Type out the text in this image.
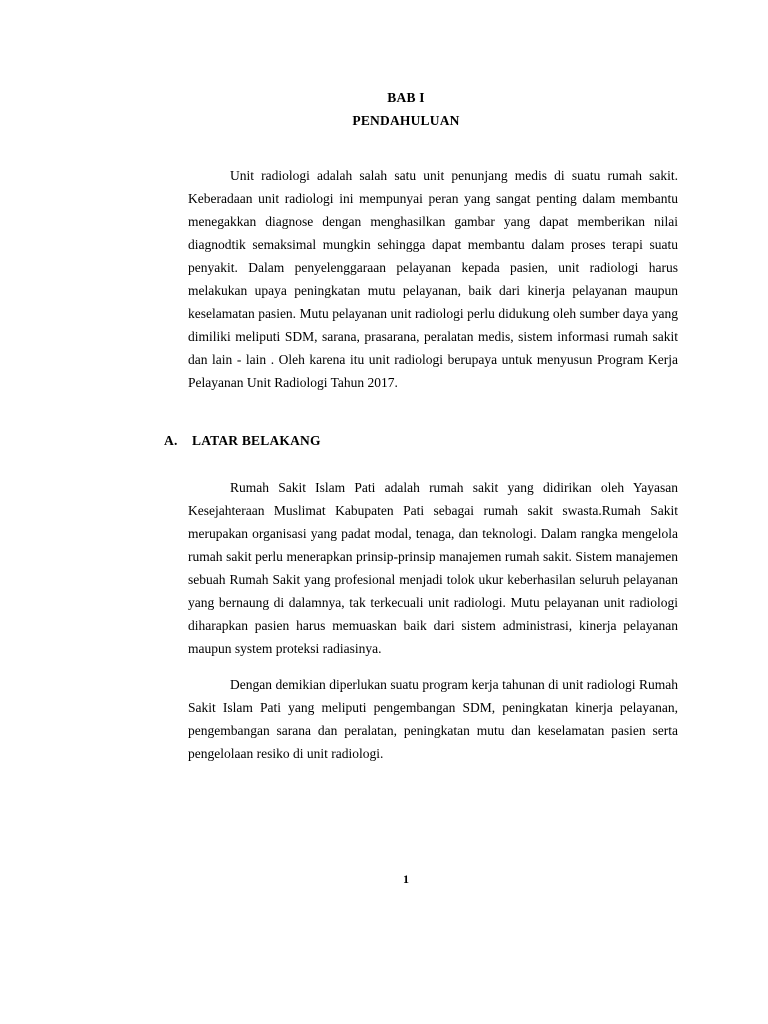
BAB I
PENDAHULUAN

Unit radiologi adalah salah satu unit penunjang medis di suatu rumah sakit. Keberadaan unit radiologi ini mempunyai peran yang sangat penting dalam membantu menegakkan diagnose dengan menghasilkan gambar yang dapat memberikan nilai diagnodtik semaksimal mungkin sehingga dapat membantu dalam proses terapi suatu penyakit. Dalam penyelenggaraan pelayanan kepada pasien, unit radiologi harus melakukan upaya peningkatan mutu pelayanan, baik dari kinerja pelayanan maupun keselamatan pasien. Mutu pelayanan unit radiologi perlu didukung oleh sumber daya yang dimiliki meliputi SDM, sarana, prasarana, peralatan medis, sistem informasi rumah sakit dan lain - lain . Oleh karena itu unit radiologi berupaya untuk menyusun Program Kerja Pelayanan Unit Radiologi Tahun 2017.

A. LATAR BELAKANG

Rumah Sakit Islam Pati adalah rumah sakit yang didirikan oleh Yayasan Kesejahteraan Muslimat Kabupaten Pati sebagai rumah sakit swasta.Rumah Sakit merupakan organisasi yang padat modal, tenaga, dan teknologi. Dalam rangka mengelola rumah sakit perlu menerapkan prinsip-prinsip manajemen rumah sakit. Sistem manajemen sebuah Rumah Sakit yang profesional menjadi tolok ukur keberhasilan seluruh pelayanan yang bernaung di dalamnya, tak terkecuali unit radiologi. Mutu pelayanan unit radiologi diharapkan pasien harus memuaskan baik dari sistem administrasi, kinerja pelayanan maupun system proteksi radiasinya.

Dengan demikian diperlukan suatu program kerja tahunan di unit radiologi Rumah Sakit Islam Pati yang meliputi pengembangan SDM, peningkatan kinerja pelayanan, pengembangan sarana dan peralatan, peningkatan mutu dan keselamatan pasien serta pengelolaan resiko di unit radiologi.

1
